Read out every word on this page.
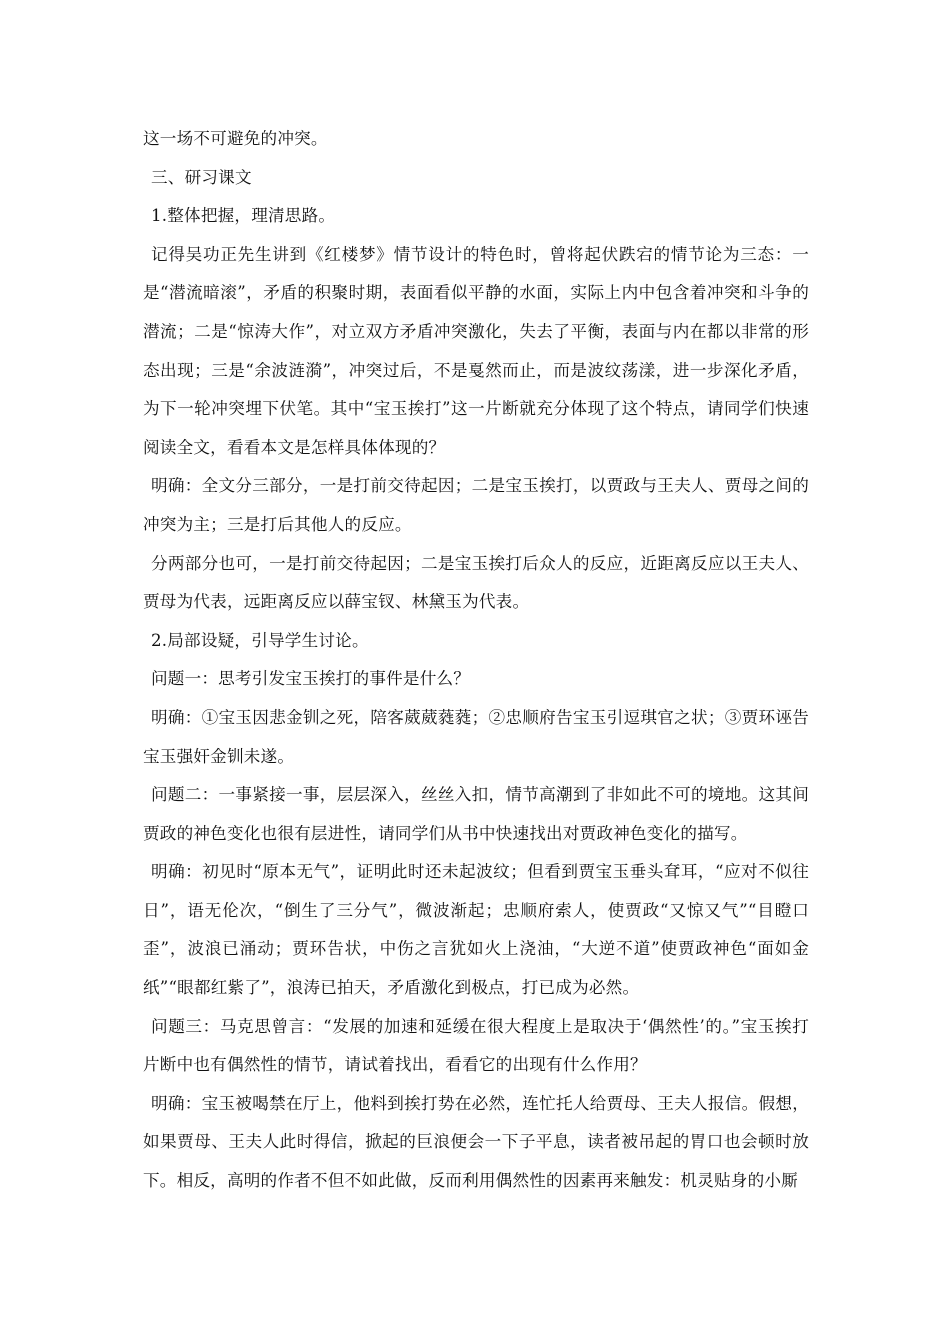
这一场不可避免的冲突。

三、研习课文

1.整体把握，理清思路。

记得吴功正先生讲到《红楼梦》情节设计的特色时，曾将起伏跌宕的情节论为三态：一是“潜流暗滚”，矛盾的积聚时期，表面看似平静的水面，实际上内中包含着冲突和斗争的潜流；二是“惊涛大作”，对立双方矛盾冲突激化，失去了平衡，表面与内在都以非常的形态出现；三是“余波涟漪”，冲突过后，不是戛然而止，而是波纹荡漾，进一步深化矛盾，为下一轮冲突埋下伏笔。其中“宝玉挨打”这一片断就充分体现了这个特点，请同学们快速阅读全文，看看本文是怎样具体体现的？

明确：全文分三部分，一是打前交待起因；二是宝玉挨打，以贾政与王夫人、贾母之间的冲突为主；三是打后其他人的反应。

分两部分也可，一是打前交待起因；二是宝玉挨打后众人的反应，近距离反应以王夫人、贾母为代表，远距离反应以薛宝钗、林黛玉为代表。

2.局部设疑，引导学生讨论。

问题一：思考引发宝玉挨打的事件是什么？

明确：①宝玉因悲金钏之死，陪客葳葳蕤蕤；②忠顺府告宝玉引逗琪官之状；③贾环诬告宝玉强奸金钏未遂。

问题二：一事紧接一事，层层深入，丝丝入扣，情节高潮到了非如此不可的境地。这其间贾政的神色变化也很有层进性，请同学们从书中快速找出对贾政神色变化的描写。

明确：初见时“原本无气”，证明此时还未起波纹；但看到贾宝玉垂头耷耳，“应对不似往日”，语无伦次，“倒生了三分气”，微波渐起；忠顺府索人，使贾政“又惊又气”“目瞪口歪”，波浪已涌动；贾环告状，中伤之言犹如火上浇油，“大逆不道”使贾政神色“面如金纸”“眼都红紫了”，浪涛已拍天，矛盾激化到极点，打已成为必然。

问题三：马克思曾言：“发展的加速和延缓在很大程度上是取决于‘偶然性’的。”宝玉挨打片断中也有偶然性的情节，请试着找出，看看它的出现有什么作用？

明确：宝玉被喝禁在厅上，他料到挨打势在必然，连忙托人给贾母、王夫人报信。假想，如果贾母、王夫人此时得信，掀起的巨浪便会一下子平息，读者被吊起的胃口也会顿时放下。相反，高明的作者不但不如此做，反而利用偶然性的因素再来触发：机灵贴身的小厮
